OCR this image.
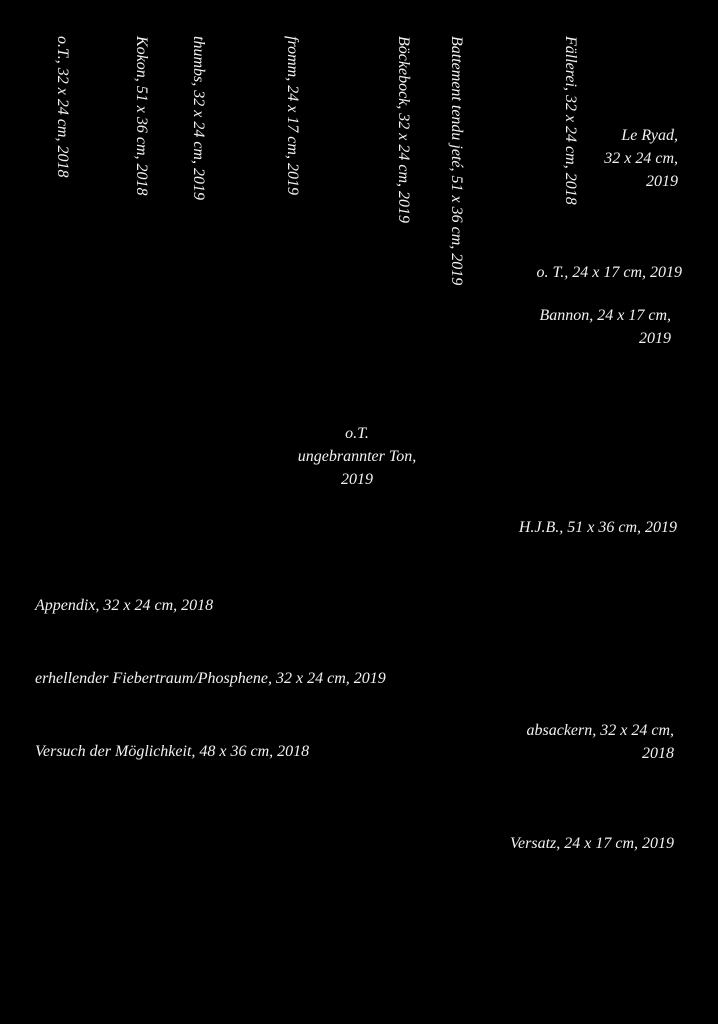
o.T., 32 x 24 cm, 2018	Kokon, 51 x 36 cm, 2018	thumbs, 32 x 24 cm, 2019	fromm, 24 x 17 cm, 2019	Böckebock, 32 x 24 cm, 2019 Battement tendu jeté, 51 x 36 cm, 2019	Fällerei, 32 x 24 cm, 2018	Le Ryad,
32 x 24 cm,
2019

o. T., 24 x 17 cm, 2019

Bannon, 24 x 17 cm,
2019

o.T.
ungebrannter Ton,
2019

H.J.B., 51 x 36 cm, 2019

Appendix, 32 x 24 cm, 2018

erhellender Fiebertraum/Phosphene, 32 x 24 cm, 2019

Versuch der Möglichkeit, 48 x 36 cm, 2018

absackern, 32 x 24 cm,
2018

Versatz, 24 x 17 cm, 2019
